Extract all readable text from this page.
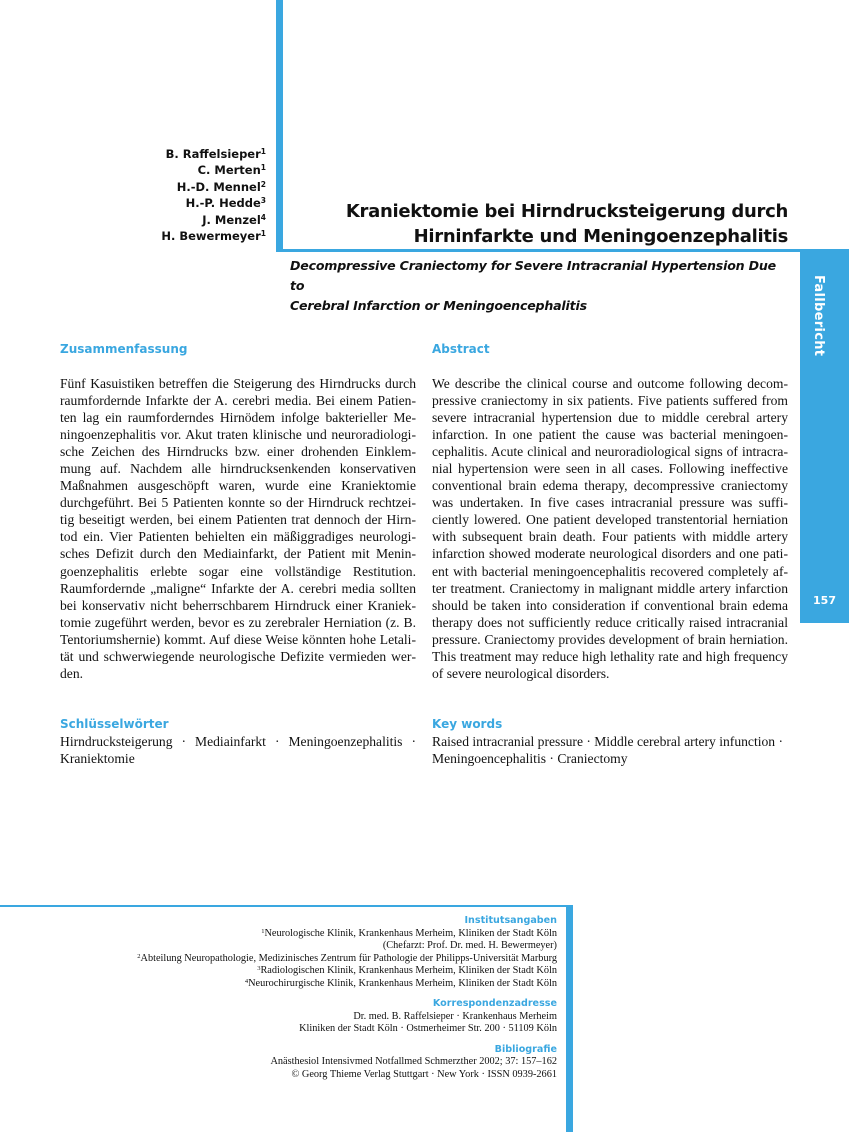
Fallbericht
157
B. Raffelsieper$^1$
C. Merten$^1$
H.-D. Mennel$^2$
H.-P. Hedde$^3$
J. Menzel$^4$
H. Bewermeyer$^1$
Kraniektomie bei Hirndrucksteigerung durch
Hirninfarkte und Meningoenzephalitis
Decompressive Craniectomy for Severe Intracranial Hypertension Due to
Cerebral Infarction or Meningoencephalitis
Zusammenfassung
Fünf Kasuistiken betreffen die Steigerung des Hirndrucks durch raumfordernde Infarkte der A. cerebri media. Bei einem Patienten lag ein raumforderndes Hirnödem infolge bakterieller Meningoenzephalitis vor. Akut traten klinische und neuroradiologische Zeichen des Hirndrucks bzw. einer drohenden Einklemmung auf. Nachdem alle hirndrucksenkenden konservativen Maßnahmen ausgeschöpft waren, wurde eine Kraniektomie durchgeführt. Bei 5 Patienten konnte so der Hirndruck rechtzeitig beseitigt werden, bei einem Patienten trat dennoch der Hirntod ein. Vier Patienten behielten ein mäßiggradiges neurologisches Defizit durch den Mediainfarkt, der Patient mit Meningoenzephalitis erlebte sogar eine vollständige Restitution. Raumfordernde „maligne“ Infarkte der A. cerebri media sollten bei konservativ nicht beherrschbarem Hirndruck einer Kraniektomie zugeführt werden, bevor es zu zerebraler Herniation (z. B. Tentoriumshernie) kommt. Auf diese Weise könnten hohe Letalität und schwerwiegende neurologische Defizite vermieden werden.
Abstract
We describe the clinical course and outcome following decompressive craniectomy in six patients. Five patients suffered from severe intracranial hypertension due to middle cerebral artery infarction. In one patient the cause was bacterial meningoencephalitis. Acute clinical and neuroradiological signs of intracranial hypertension were seen in all cases. Following ineffective conventional brain edema therapy, decompressive craniectomy was undertaken. In five cases intracranial pressure was sufficiently lowered. One patient developed transtentorial herniation with subsequent brain death. Four patients with middle artery infarction showed moderate neurological disorders and one patient with bacterial meningoencephalitis recovered completely after treatment. Craniectomy in malignant middle artery infarction should be taken into consideration if conventional brain edema therapy does not sufficiently reduce critically raised intracranial pressure. Craniectomy provides development of brain herniation. This treatment may reduce high lethality rate and high frequency of severe neurological disorders.
Schlüsselwörter
Hirndrucksteigerung · Mediainfarkt · Meningoenzephalitis · Kraniektomie
Key words
Raised intracranial pressure · Middle cerebral artery infunction · Meningoencephalitis · Craniectomy
Institutsangaben
$^1$Neurologische Klinik, Krankenhaus Merheim, Kliniken der Stadt Köln
(Chefarzt: Prof. Dr. med. H. Bewermeyer)
$^2$Abteilung Neuropathologie, Medizinisches Zentrum für Pathologie der Philipps-Universität Marburg
$^3$Radiologischen Klinik, Krankenhaus Merheim, Kliniken der Stadt Köln
$^4$Neurochirurgische Klinik, Krankenhaus Merheim, Kliniken der Stadt Köln
Korrespondenzadresse
Dr. med. B. Raffelsieper · Krankenhaus Merheim
Kliniken der Stadt Köln · Ostmerheimer Str. 200 · 51109 Köln
Bibliografie
Anästhesiol Intensivmed Notfallmed Schmerzther 2002; 37: 157–162
© Georg Thieme Verlag Stuttgart · New York · ISSN 0939-2661
